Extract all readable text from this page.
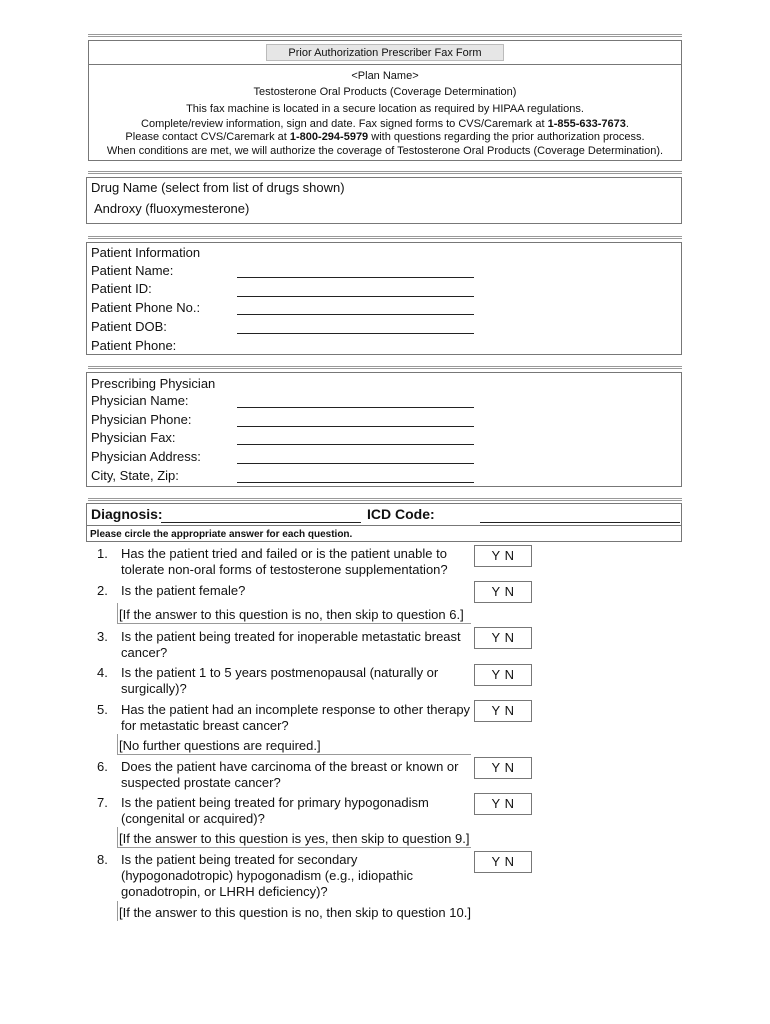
Prior Authorization Prescriber Fax Form
<Plan Name>
Testosterone Oral Products (Coverage Determination)
This fax machine is located in a secure location as required by HIPAA regulations.
Complete/review information, sign and date. Fax signed forms to CVS/Caremark at 1-855-633-7673.
Please contact CVS/Caremark at 1-800-294-5979 with questions regarding the prior authorization process.
When conditions are met, we will authorize the coverage of Testosterone Oral Products (Coverage Determination).
Drug Name (select from list of drugs shown)
Androxy (fluoxymesterone)
Patient Information
Patient Name:
Patient ID:
Patient Phone No.:
Patient DOB:
Patient Phone:
Prescribing Physician
Physician Name:
Physician Phone:
Physician Fax:
Physician Address:
City, State, Zip:
Diagnosis:	ICD Code:
Please circle the appropriate answer for each question.
1. Has the patient tried and failed or is the patient unable to tolerate non-oral forms of testosterone supplementation?
Y N
2. Is the patient female?	Y N
[If the answer to this question is no, then skip to question 6.]
3. Is the patient being treated for inoperable metastatic breast cancer?
Y N
4. Is the patient 1 to 5 years postmenopausal (naturally or surgically)?
Y N
5. Has the patient had an incomplete response to other therapy for metastatic breast cancer?
Y N
[No further questions are required.]
6. Does the patient have carcinoma of the breast or known or suspected prostate cancer?
Y N
7. Is the patient being treated for primary hypogonadism (congenital or acquired)?
Y N
[If the answer to this question is yes, then skip to question 9.]
8. Is the patient being treated for secondary (hypogonadotropic) hypogonadism (e.g., idiopathic gonadotropin, or LHRH deficiency)?
Y N
[If the answer to this question is no, then skip to question 10.]
